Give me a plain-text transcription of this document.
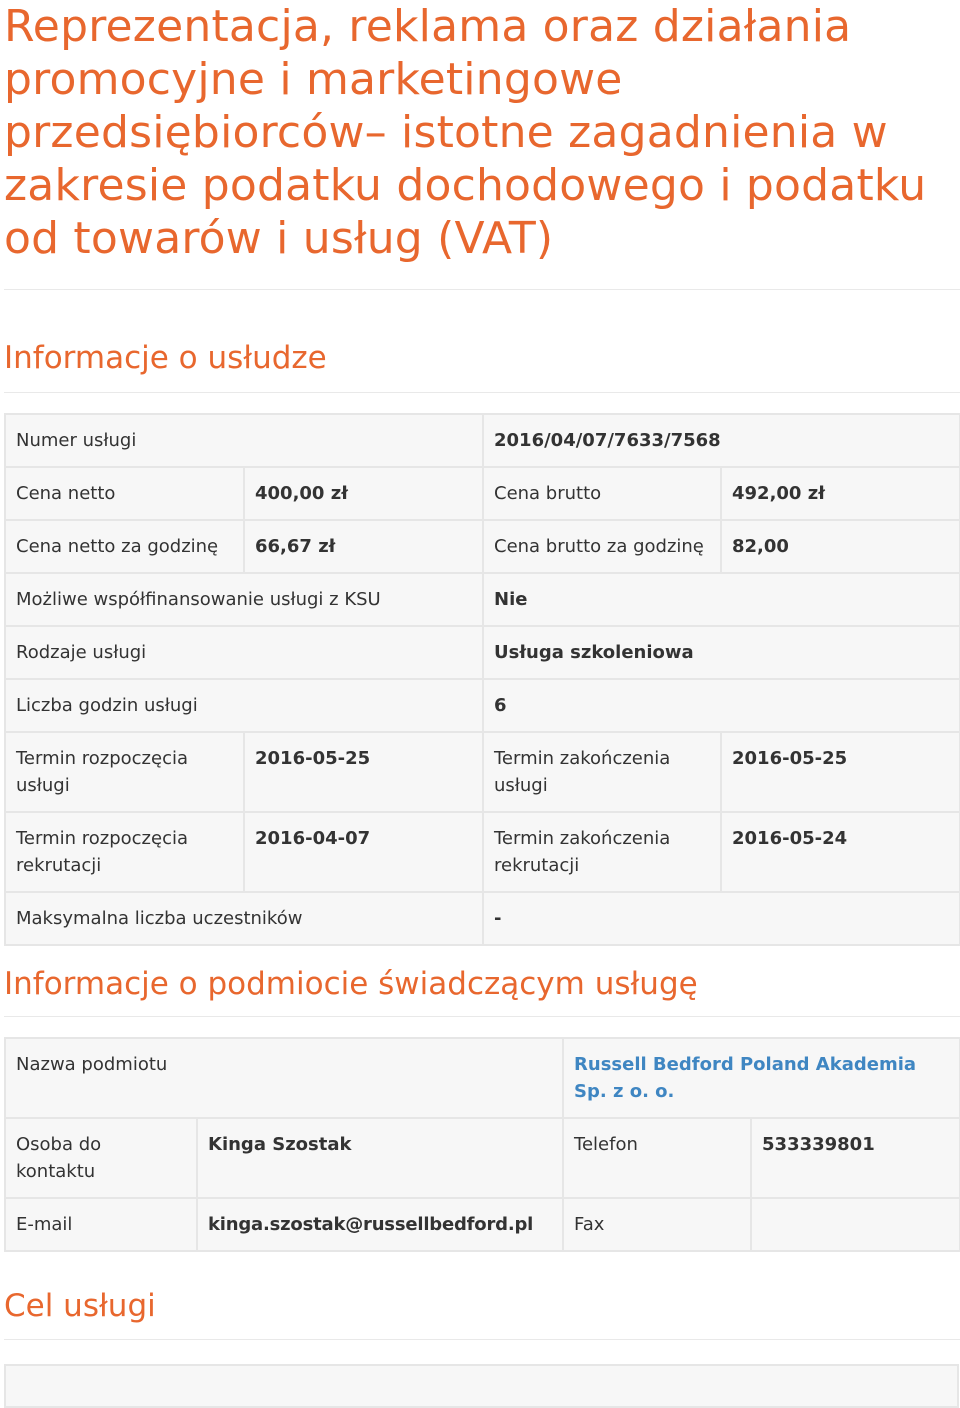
Reprezentacja, reklama oraz działania promocyjne i marketingowe przedsiębiorców– istotne zagadnienia w zakresie podatku dochodowego i podatku od towarów i usług (VAT)
Informacje o usłudze
Numer usługi		2016/04/07/7633/7568	
Cena netto	400,00 zł	Cena brutto	492,00 zł
Cena netto za godzinę	66,67 zł	Cena brutto za godzinę	82,00
Możliwe współfinansowanie usługi z KSU		Nie	
Rodzaje usługi		Usługa szkoleniowa	
Liczba godzin usługi		6	
Termin rozpoczęcia usługi	2016-05-25	Termin zakończenia usługi	2016-05-25
Termin rozpoczęcia rekrutacji	2016-04-07	Termin zakończenia rekrutacji	2016-05-24
Maksymalna liczba uczestników		-	
Informacje o podmiocie świadczącym usługę
Nazwa podmiotu		Russell Bedford Poland Akademia Sp. z o. o.	
Osoba do kontaktu	Kinga Szostak	Telefon	533339801
E-mail	kinga.szostak@russellbedford.pl	Fax	
Cel usługi
